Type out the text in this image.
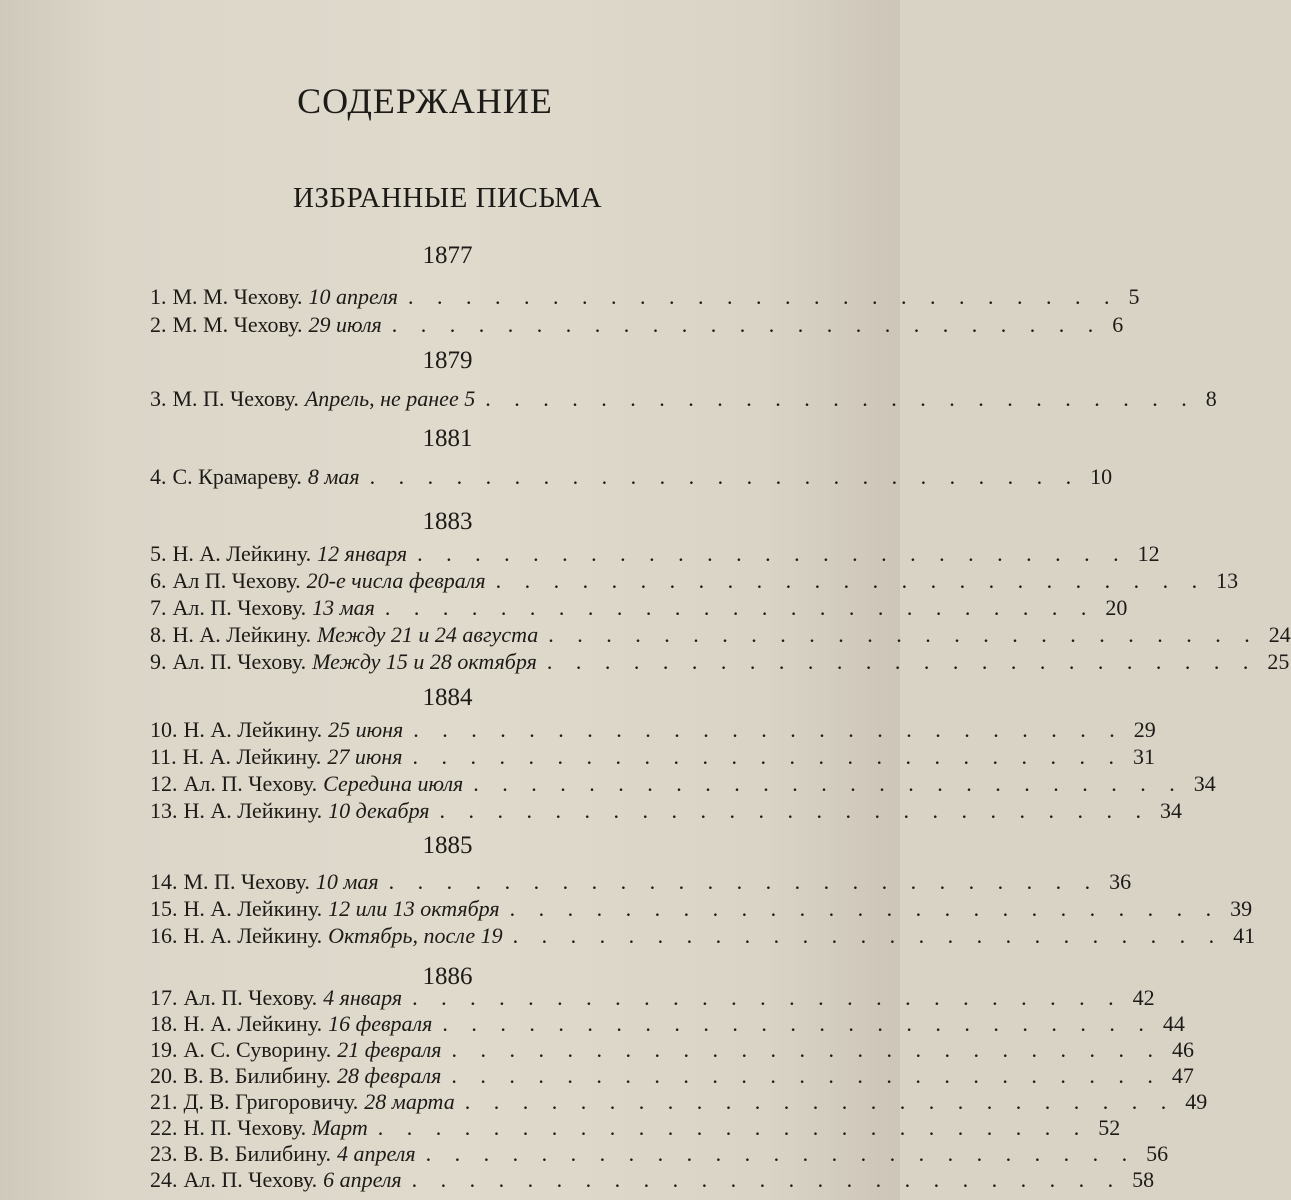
СОДЕРЖАНИЕ
ИЗБРАННЫЕ ПИСЬМА
1877
1. М. М. Чехову. 10 апреля . . . . . . . . . . . . . . . . . . . . . . . . . 5
2. М. М. Чехову. 29 июля . . . . . . . . . . . . . . . . . . . . . . . . . 6
1879
3. М. П. Чехову. Апрель, не ранее 5 . . . . . . . . . . . . . . . . . . . . . . . . . 8
1881
4. С. Крамареву. 8 мая . . . . . . . . . . . . . . . . . . . . . . . . . 10
1883
5. Н. А. Лейкину. 12 января . . . . . . . . . . . . . . . . . . . . . . . . . 12
6. Ал П. Чехову. 20-е числа февраля . . . . . . . . . . . . . . . . . . . . . . . . . 13
7. Ал. П. Чехову. 13 мая . . . . . . . . . . . . . . . . . . . . . . . . . 20
8. Н. А. Лейкину. Между 21 и 24 августа . . . . . . . . . . . . . . . . . . . . . . . . . 24
9. Ал. П. Чехову. Между 15 и 28 октября . . . . . . . . . . . . . . . . . . . . . . . . . 25
1884
10. Н. А. Лейкину. 25 июня . . . . . . . . . . . . . . . . . . . . . . . . . 29
11. Н. А. Лейкину. 27 июня . . . . . . . . . . . . . . . . . . . . . . . . . 31
12. Ал. П. Чехову. Середина июля . . . . . . . . . . . . . . . . . . . . . . . . . 34
13. Н. А. Лейкину. 10 декабря . . . . . . . . . . . . . . . . . . . . . . . . . 34
1885
14. М. П. Чехову. 10 мая . . . . . . . . . . . . . . . . . . . . . . . . . 36
15. Н. А. Лейкину. 12 или 13 октября . . . . . . . . . . . . . . . . . . . . . . . . . 39
16. Н. А. Лейкину. Октябрь, после 19 . . . . . . . . . . . . . . . . . . . . . . . . . 41
1886
17. Ал. П. Чехову. 4 января . . . . . . . . . . . . . . . . . . . . . . . . . 42
18. Н. А. Лейкину. 16 февраля . . . . . . . . . . . . . . . . . . . . . . . . . 44
19. А. С. Суворину. 21 февраля . . . . . . . . . . . . . . . . . . . . . . . . . 46
20. В. В. Билибину. 28 февраля . . . . . . . . . . . . . . . . . . . . . . . . . 47
21. Д. В. Григоровичу. 28 марта . . . . . . . . . . . . . . . . . . . . . . . . . 49
22. Н. П. Чехову. Март . . . . . . . . . . . . . . . . . . . . . . . . . 52
23. В. В. Билибину. 4 апреля . . . . . . . . . . . . . . . . . . . . . . . . . 56
24. Ал. П. Чехову. 6 апреля . . . . . . . . . . . . . . . . . . . . . . . . . 58
